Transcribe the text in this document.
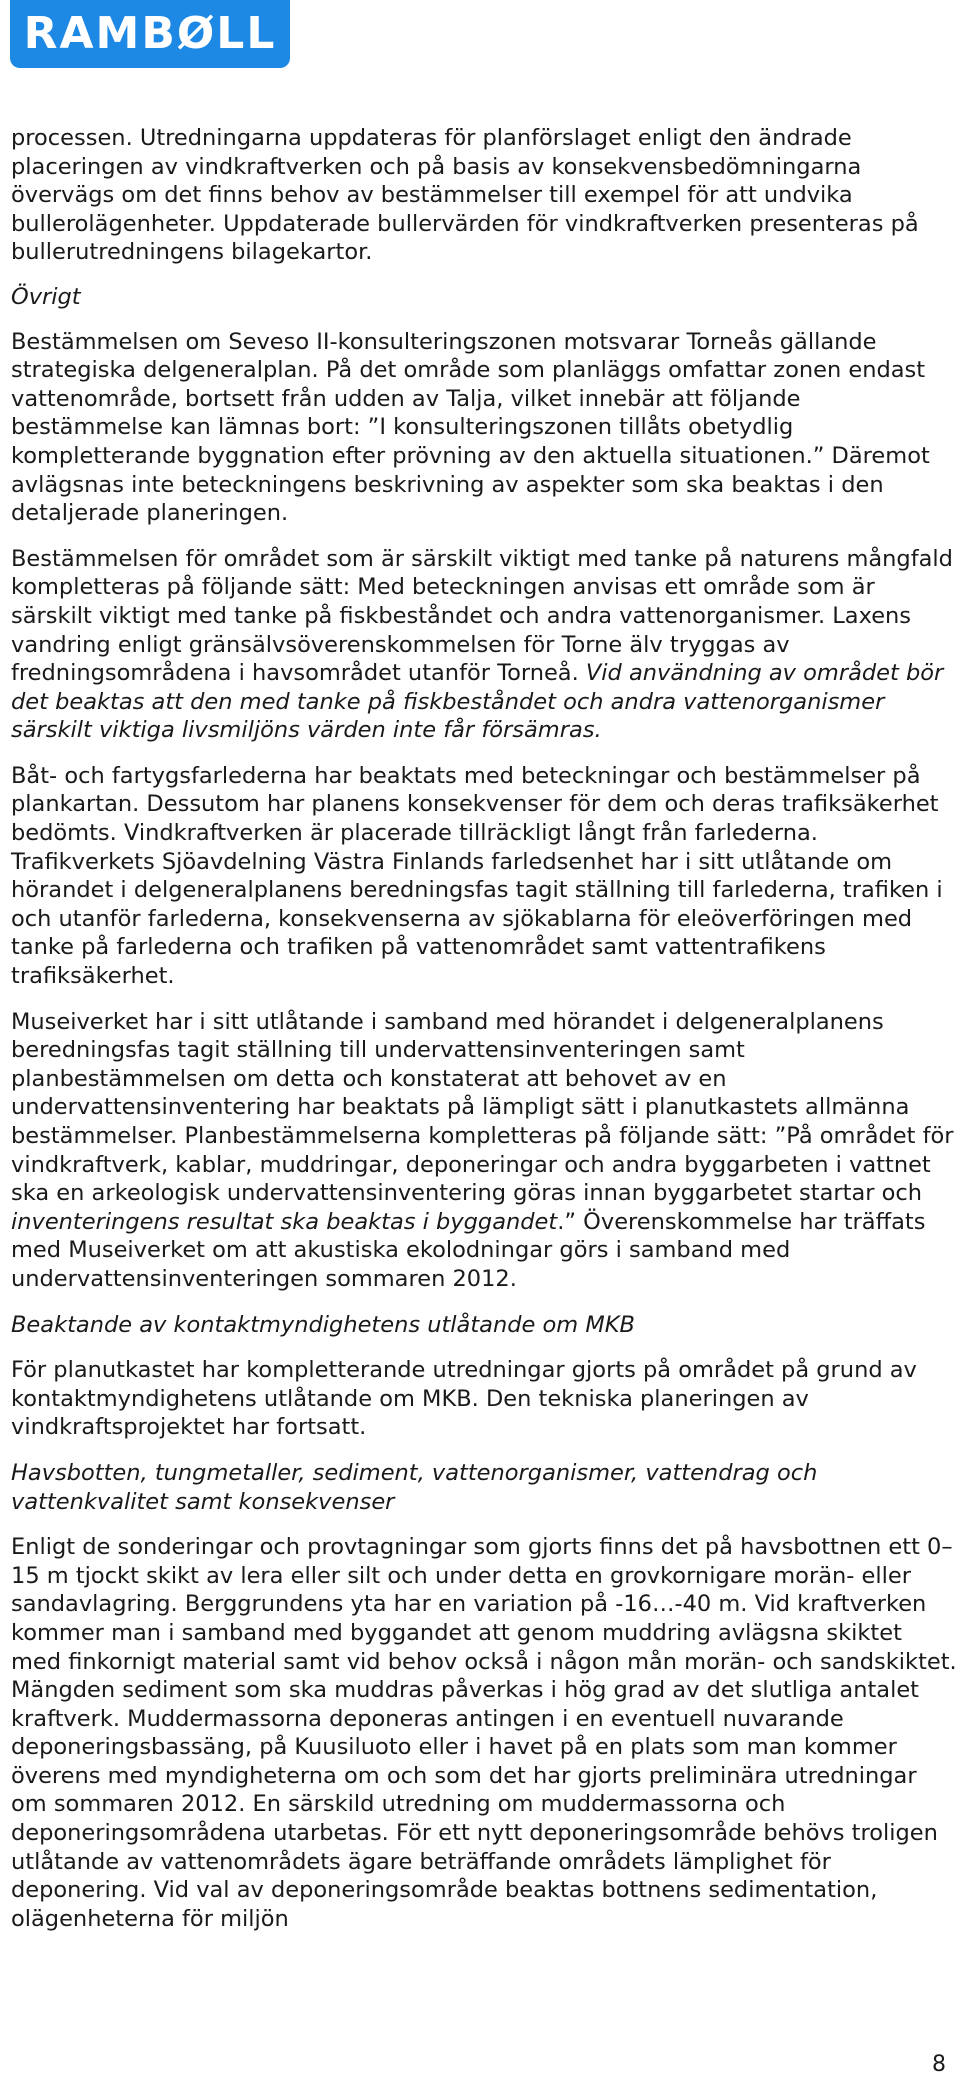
RAMBØLL

processen. Utredningarna uppdateras för planförslaget enligt den ändrade placeringen av vindkraftverken och på basis av konsekvensbedömningarna övervägs om det finns behov av bestämmelser till exempel för att undvika bullerolägenheter. Uppdaterade bullervärden för vindkraftverken presenteras på bullerutredningens bilagekartor.

Övrigt

Bestämmelsen om Seveso II-konsulteringszonen motsvarar Torneås gällande strategiska delgeneralplan. På det område som planläggs omfattar zonen endast vattenområde, bortsett från udden av Talja, vilket innebär att följande bestämmelse kan lämnas bort: ”I konsulteringszonen tillåts obetydlig kompletterande byggnation efter prövning av den aktuella situationen.” Däremot avlägsnas inte beteckningens beskrivning av aspekter som ska beaktas i den detaljerade planeringen.

Bestämmelsen för området som är särskilt viktigt med tanke på naturens mångfald kompletteras på följande sätt: Med beteckningen anvisas ett område som är särskilt viktigt med tanke på fiskbeståndet och andra vattenorganismer. Laxens vandring enligt gränsälvsöverenskommelsen för Torne älv tryggas av fredningsområdena i havsområdet utanför Torneå. Vid användning av området bör det beaktas att den med tanke på fiskbeståndet och andra vattenorganismer särskilt viktiga livsmiljöns värden inte får försämras.

Båt- och fartygsfarlederna har beaktats med beteckningar och bestämmelser på plankartan. Dessutom har planens konsekvenser för dem och deras trafiksäkerhet bedömts. Vindkraftverken är placerade tillräckligt långt från farlederna. Trafikverkets Sjöavdelning Västra Finlands farledsenhet har i sitt utlåtande om hörandet i delgeneralplanens beredningsfas tagit ställning till farlederna, trafiken i och utanför farlederna, konsekvenserna av sjökablarna för eleöverföringen med tanke på farlederna och trafiken på vattenområdet samt vattentrafikens trafiksäkerhet.

Museiverket har i sitt utlåtande i samband med hörandet i delgeneralplanens beredningsfas tagit ställning till undervattensinventeringen samt planbestämmelsen om detta och konstaterat att behovet av en undervattensinventering har beaktats på lämpligt sätt i planutkastets allmänna bestämmelser. Planbestämmelserna kompletteras på följande sätt: ”På området för vindkraftverk, kablar, muddringar, deponeringar och andra byggarbeten i vattnet ska en arkeologisk undervattensinventering göras innan byggarbetet startar och inventeringens resultat ska beaktas i byggandet.” Överenskommelse har träffats med Museiverket om att akustiska ekolodningar görs i samband med undervattensinventeringen sommaren 2012.

Beaktande av kontaktmyndighetens utlåtande om MKB

För planutkastet har kompletterande utredningar gjorts på området på grund av kontaktmyndighetens utlåtande om MKB. Den tekniska planeringen av vindkraftsprojektet har fortsatt.

Havsbotten, tungmetaller, sediment, vattenorganismer, vattendrag och vattenkvalitet samt konsekvenser

Enligt de sonderingar och provtagningar som gjorts finns det på havsbottnen ett 0–15 m tjockt skikt av lera eller silt och under detta en grovkornigare morän- eller sandavlagring. Berggrundens yta har en variation på -16…-40 m. Vid kraftverken kommer man i samband med byggandet att genom muddring avlägsna skiktet med finkornigt material samt vid behov också i någon mån morän- och sandskiktet. Mängden sediment som ska muddras påverkas i hög grad av det slutliga antalet kraftverk. Muddermassorna deponeras antingen i en eventuell nuvarande deponeringsbassäng, på Kuusiluoto eller i havet på en plats som man kommer överens med myndigheterna om och som det har gjorts preliminära utredningar om sommaren 2012. En särskild utredning om muddermassorna och deponeringsområdena utarbetas. För ett nytt deponeringsområde behövs troligen utlåtande av vattenområdets ägare beträffande områdets lämplighet för deponering. Vid val av deponeringsområde beaktas bottnens sedimentation, olägenheterna för miljön

8
